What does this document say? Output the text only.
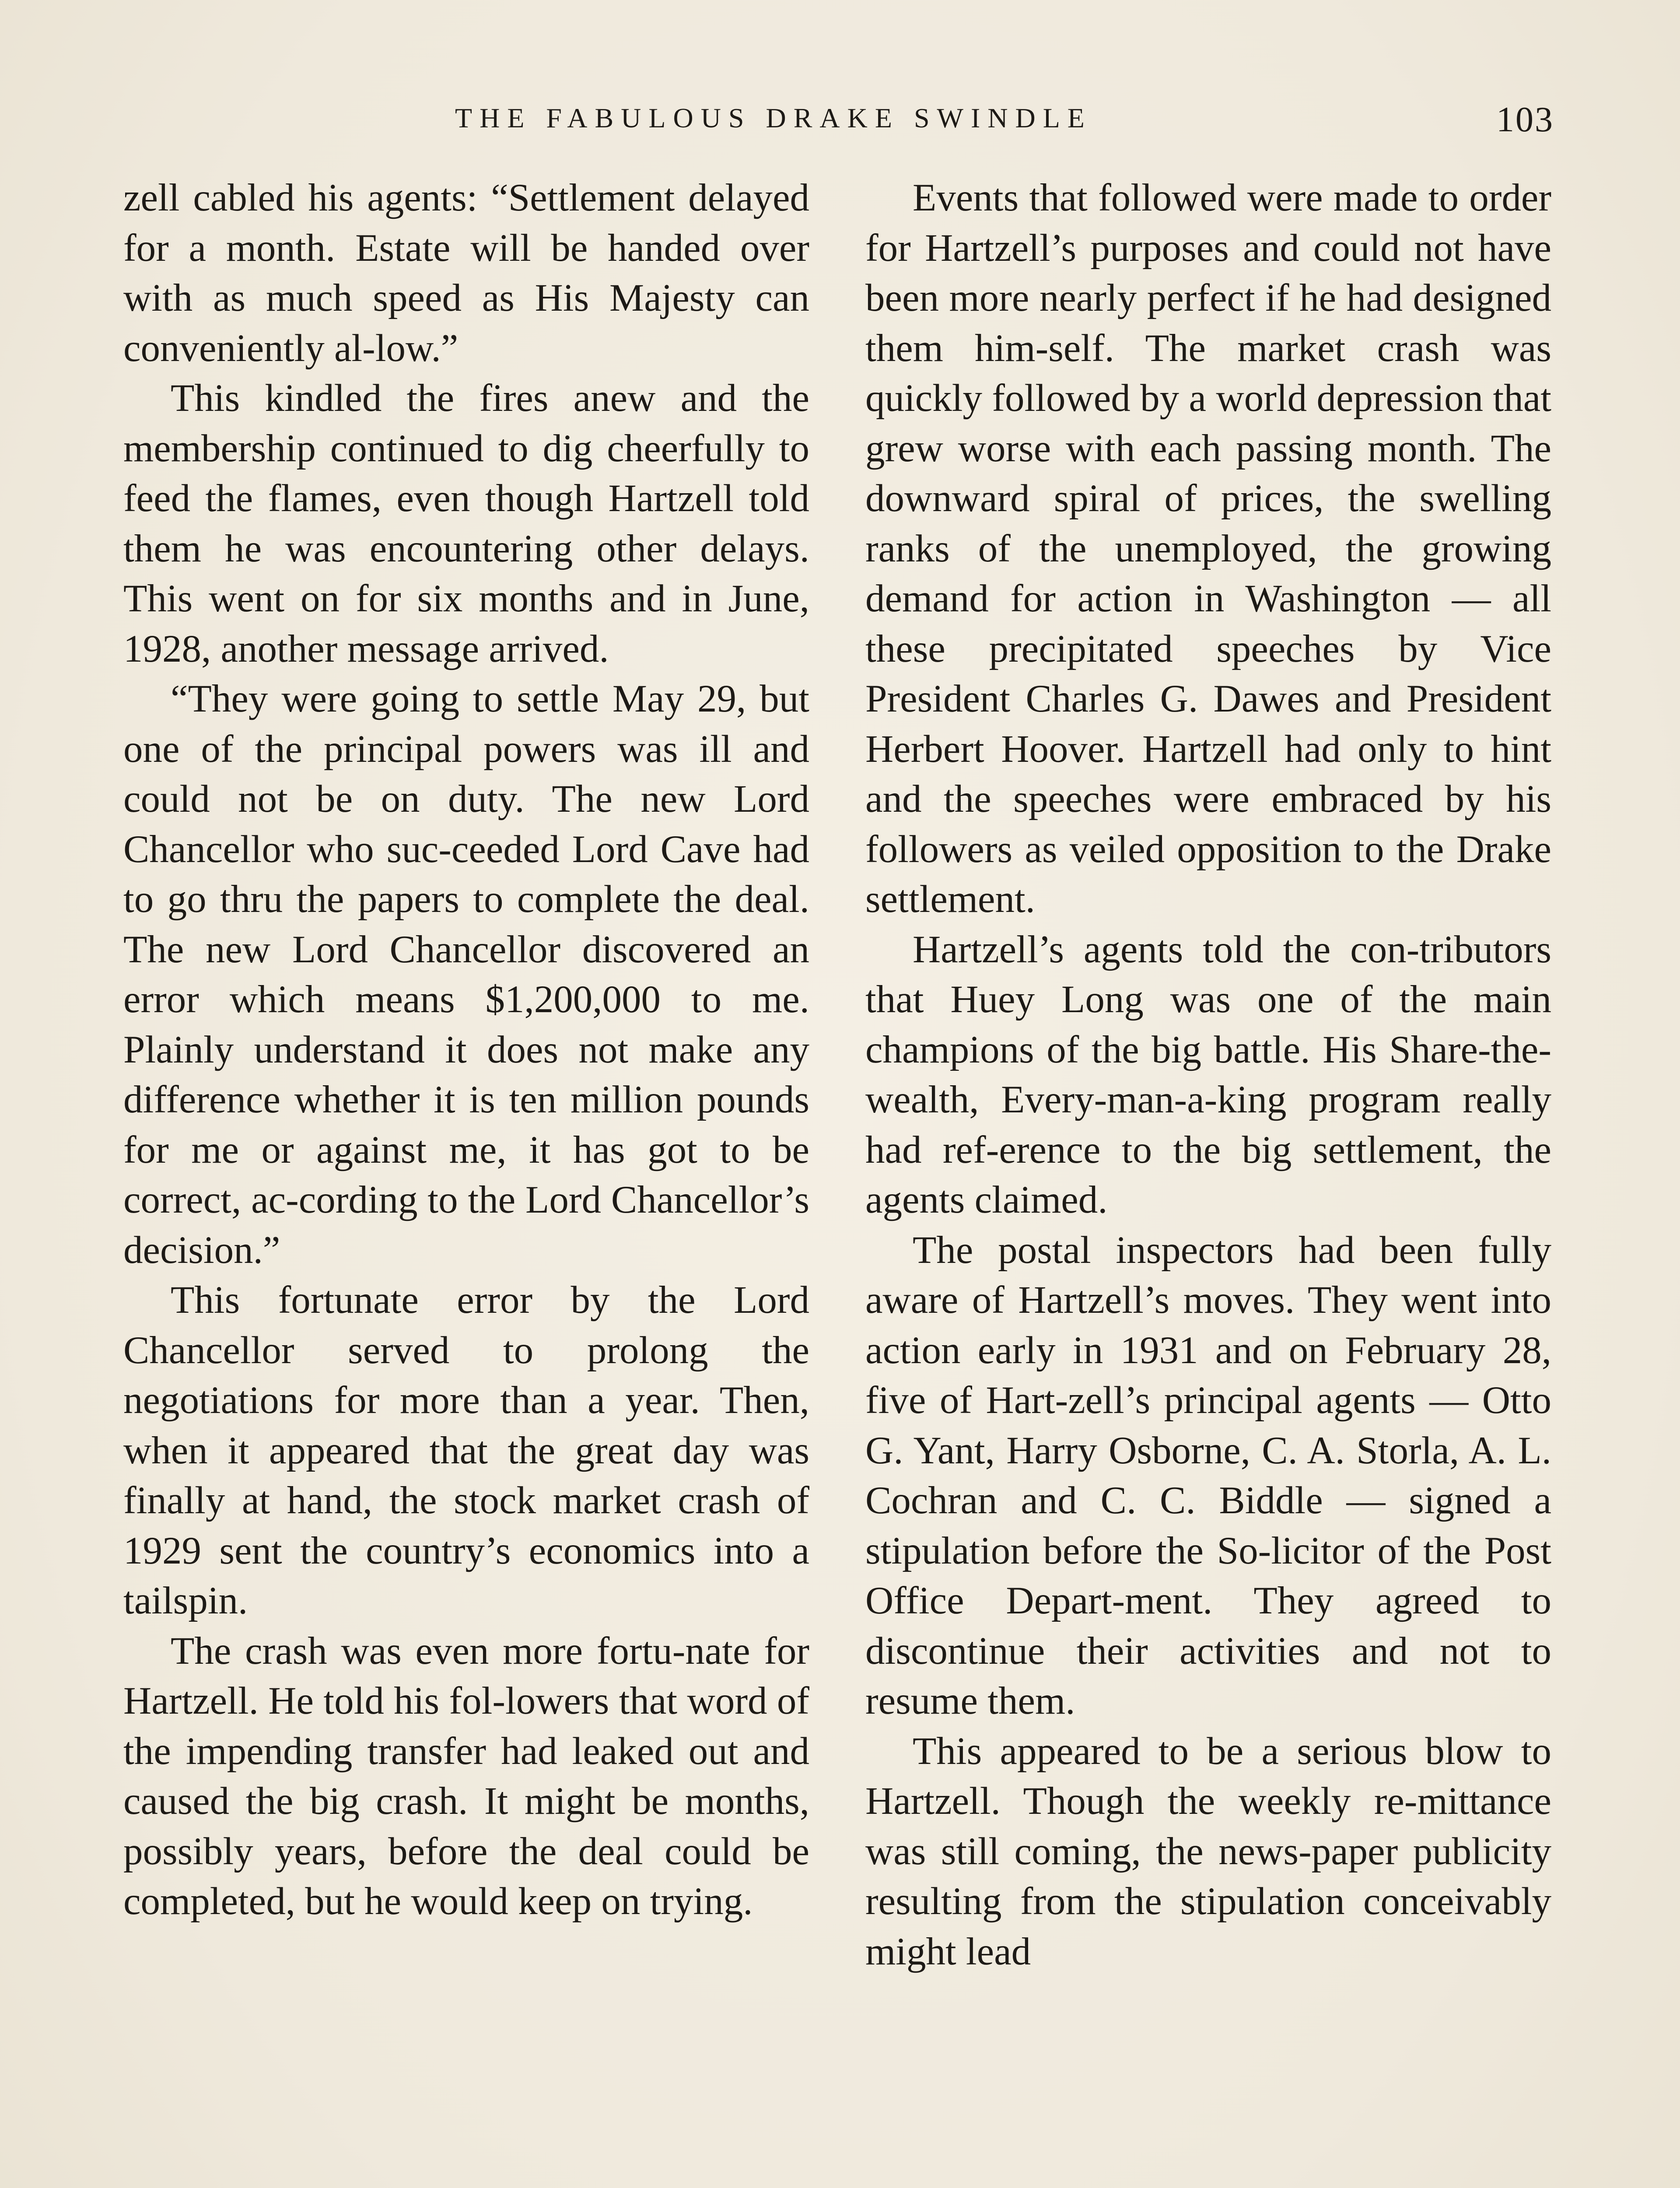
THE FABULOUS DRAKE SWINDLE	103

zell cabled his agents: “Settlement delayed for a month. Estate will be handed over with as much speed as His Majesty can conveniently al-low.”

This kindled the fires anew and the membership continued to dig cheerfully to feed the flames, even though Hartzell told them he was encountering other delays. This went on for six months and in June, 1928, another message arrived.

“They were going to settle May 29, but one of the principal powers was ill and could not be on duty. The new Lord Chancellor who suc-ceeded Lord Cave had to go thru the papers to complete the deal. The new Lord Chancellor discovered an error which means $1,200,000 to me. Plainly understand it does not make any difference whether it is ten million pounds for me or against me, it has got to be correct, ac-cording to the Lord Chancellor’s decision.”

This fortunate error by the Lord Chancellor served to prolong the negotiations for more than a year. Then, when it appeared that the great day was finally at hand, the stock market crash of 1929 sent the country’s economics into a tailspin.

The crash was even more fortu-nate for Hartzell. He told his fol-lowers that word of the impending transfer had leaked out and caused the big crash. It might be months, possibly years, before the deal could be completed, but he would keep on trying.

Events that followed were made to order for Hartzell’s purposes and could not have been more nearly perfect if he had designed them him-self. The market crash was quickly followed by a world depression that grew worse with each passing month. The downward spiral of prices, the swelling ranks of the unemployed, the growing demand for action in Washington — all these precipitated speeches by Vice President Charles G. Dawes and President Herbert Hoover. Hartzell had only to hint and the speeches were embraced by his followers as veiled opposition to the Drake settlement.

Hartzell’s agents told the con-tributors that Huey Long was one of the main champions of the big battle. His Share-the-wealth, Every-man-a-king program really had ref-erence to the big settlement, the agents claimed.

The postal inspectors had been fully aware of Hartzell’s moves. They went into action early in 1931 and on February 28, five of Hart-zell’s principal agents — Otto G. Yant, Harry Osborne, C. A. Storla, A. L. Cochran and C. C. Biddle — signed a stipulation before the So-licitor of the Post Office Depart-ment. They agreed to discontinue their activities and not to resume them.

This appeared to be a serious blow to Hartzell. Though the weekly re-mittance was still coming, the news-paper publicity resulting from the stipulation conceivably might lead
